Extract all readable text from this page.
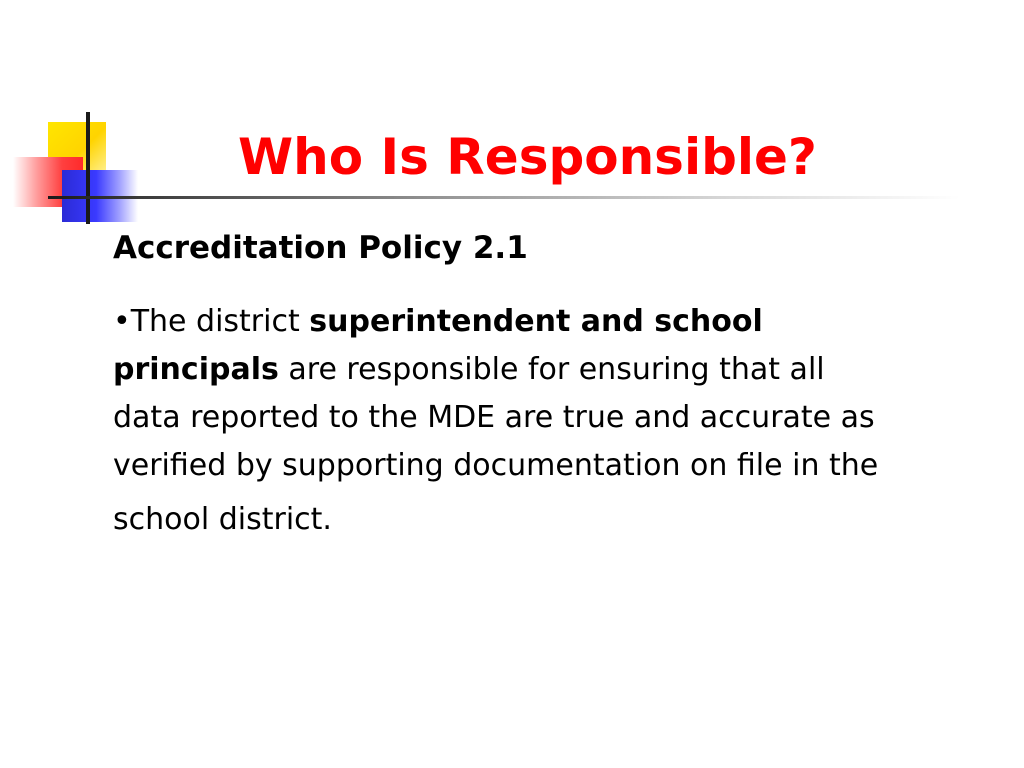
Who Is Responsible?

Accreditation Policy 2.1

•The district superintendent and school
principals are responsible for ensuring that all
data reported to the MDE are true and accurate as
verified by supporting documentation on file in the
school district.
